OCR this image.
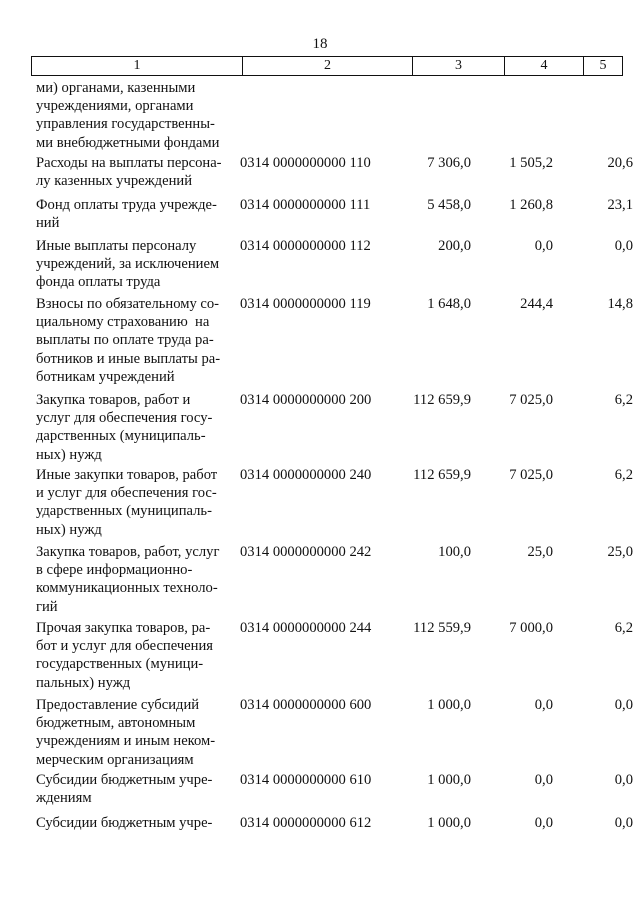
18
1	2	3	4	5
ми) органами, казенными
учреждениями, органами
управления государственны-
ми внебюджетными фондами
Расходы на выплаты персона-
лу казенных учреждений
0314 0000000000 110	7 306,0	1 505,2	20,6
Фонд оплаты труда учрежде-
ний
0314 0000000000 111	5 458,0	1 260,8	23,1
Иные выплаты персоналу
учреждений, за исключением
фонда оплаты труда
0314 0000000000 112	200,0	0,0	0,0
Взносы по обязательному со-
циальному страхованию  на
выплаты по оплате труда ра-
ботников и иные выплаты ра-
ботникам учреждений
0314 0000000000 119	1 648,0	244,4	14,8
Закупка товаров, работ и
услуг для обеспечения госу-
дарственных (муниципаль-
ных) нужд
0314 0000000000 200	112 659,9	7 025,0	6,2
Иные закупки товаров, работ
и услуг для обеспечения гос-
ударственных (муниципаль-
ных) нужд
0314 0000000000 240	112 659,9	7 025,0	6,2
Закупка товаров, работ, услуг
в сфере информационно-
коммуникационных техноло-
гий
0314 0000000000 242	100,0	25,0	25,0
Прочая закупка товаров, ра-
бот и услуг для обеспечения
государственных (муници-
пальных) нужд
0314 0000000000 244	112 559,9	7 000,0	6,2
Предоставление субсидий
бюджетным, автономным
учреждениям и иным неком-
мерческим организациям
0314 0000000000 600	1 000,0	0,0	0,0
Субсидии бюджетным учре-
ждениям
0314 0000000000 610	1 000,0	0,0	0,0
Субсидии бюджетным учре-	0314 0000000000 612	1 000,0	0,0	0,0
